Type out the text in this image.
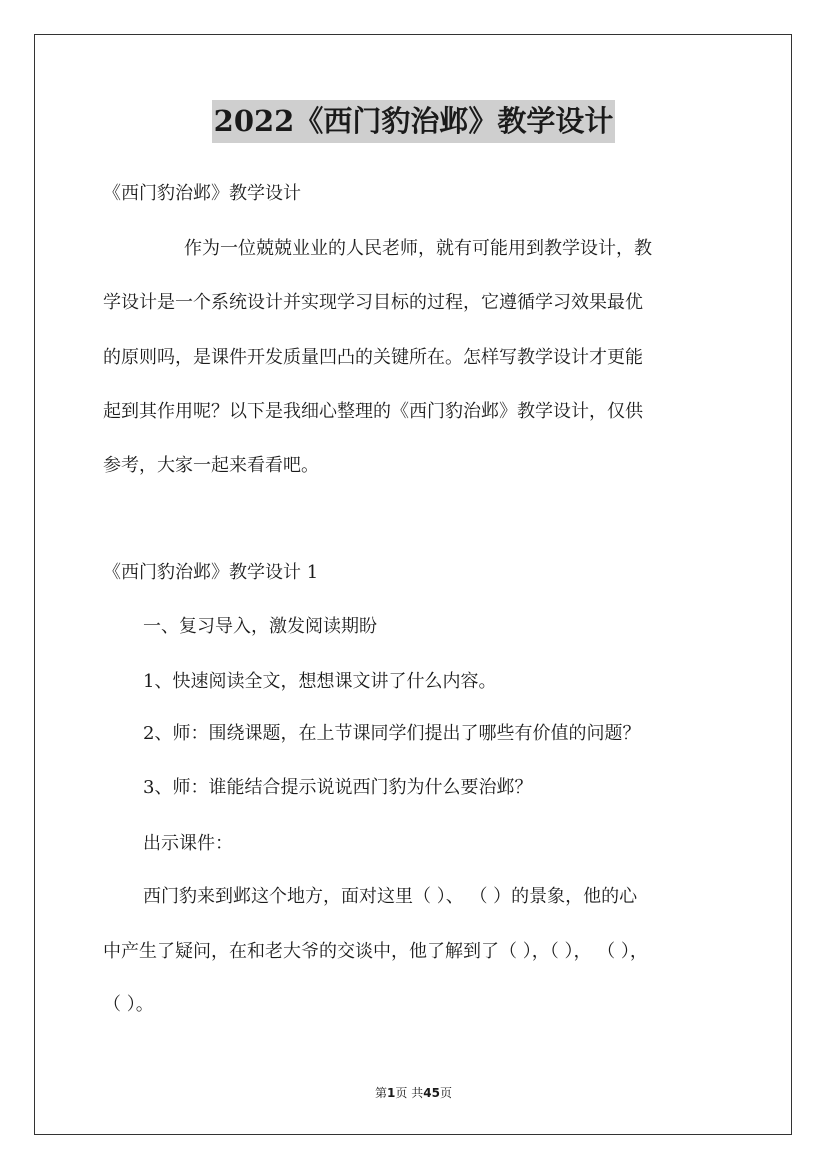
2022《西门豹治邺》教学设计
《西门豹治邺》教学设计
作为一位兢兢业业的人民老师，就有可能用到教学设计，教
学设计是一个系统设计并实现学习目标的过程，它遵循学习效果最优
的原则吗，是课件开发质量凹凸的关键所在。怎样写教学设计才更能
起到其作用呢？以下是我细心整理的《西门豹治邺》教学设计，仅供
参考，大家一起来看看吧。
《西门豹治邺》教学设计 1
一、复习导入，激发阅读期盼
1、快速阅读全文，想想课文讲了什么内容。
2、师：围绕课题，在上节课同学们提出了哪些有价值的问题？
3、师：谁能结合提示说说西门豹为什么要治邺？
出示课件：
西门豹来到邺这个地方，面对这里（ ）、 （ ）的景象，他的心
中产生了疑问，在和老大爷的交谈中，他了解到了（ ），（ ）， （ ），
（ ）。
第1页 共45页
